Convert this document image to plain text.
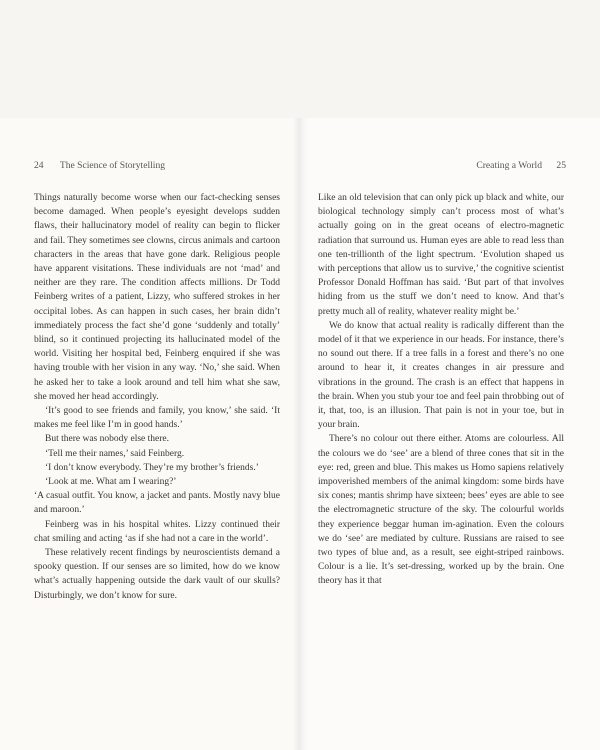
24 The Science of Storytelling	Creating a World 25

Things naturally become worse when our fact-checking senses become damaged. When people’s eyesight develops sudden flaws, their hallucinatory model of reality can begin to flicker and fail. They sometimes see clowns, circus animals and cartoon characters in the areas that have gone dark. Religious people have apparent visitations. These individuals are not ‘mad’ and neither are they rare. The condition affects millions. Dr Todd Feinberg writes of a patient, Lizzy, who suffered strokes in her occipital lobes. As can happen in such cases, her brain didn’t immediately process the fact she’d gone ‘suddenly and totally’ blind, so it continued projecting its hallucinated model of the world. Visiting her hospital bed, Feinberg enquired if she was having trouble with her vision in any way. ‘No,’ she said. When he asked her to take a look around and tell him what she saw, she moved her head accordingly.

‘It’s good to see friends and family, you know,’ she said. ‘It makes me feel like I’m in good hands.’

But there was nobody else there.

‘Tell me their names,’ said Feinberg.

‘I don’t know everybody. They’re my brother’s friends.’

‘Look at me. What am I wearing?’

‘A casual outfit. You know, a jacket and pants. Mostly navy blue and maroon.’

Feinberg was in his hospital whites. Lizzy continued their chat smiling and acting ‘as if she had not a care in the world’.

These relatively recent findings by neuroscientists demand a spooky question. If our senses are so limited, how do we know what’s actually happening outside the dark vault of our skulls? Disturbingly, we don’t know for sure.

Like an old television that can only pick up black and white, our biological technology simply can’t process most of what’s actually going on in the great oceans of electro-magnetic radiation that surround us. Human eyes are able to read less than one ten-trillionth of the light spectrum. ‘Evolution shaped us with perceptions that allow us to survive,’ the cognitive scientist Professor Donald Hoffman has said. ‘But part of that involves hiding from us the stuff we don’t need to know. And that’s pretty much all of reality, whatever reality might be.’

We do know that actual reality is radically different than the model of it that we experience in our heads. For instance, there’s no sound out there. If a tree falls in a forest and there’s no one around to hear it, it creates changes in air pressure and vibrations in the ground. The crash is an effect that happens in the brain. When you stub your toe and feel pain throbbing out of it, that, too, is an illusion. That pain is not in your toe, but in your brain.

There’s no colour out there either. Atoms are colourless. All the colours we do ‘see’ are a blend of three cones that sit in the eye: red, green and blue. This makes us Homo sapiens relatively impoverished members of the animal kingdom: some birds have six cones; mantis shrimp have sixteen; bees’ eyes are able to see the electromagnetic structure of the sky. The colourful worlds they experience beggar human im-agination. Even the colours we do ‘see’ are mediated by culture. Russians are raised to see two types of blue and, as a result, see eight-striped rainbows. Colour is a lie. It’s set-dressing, worked up by the brain. One theory has it that
